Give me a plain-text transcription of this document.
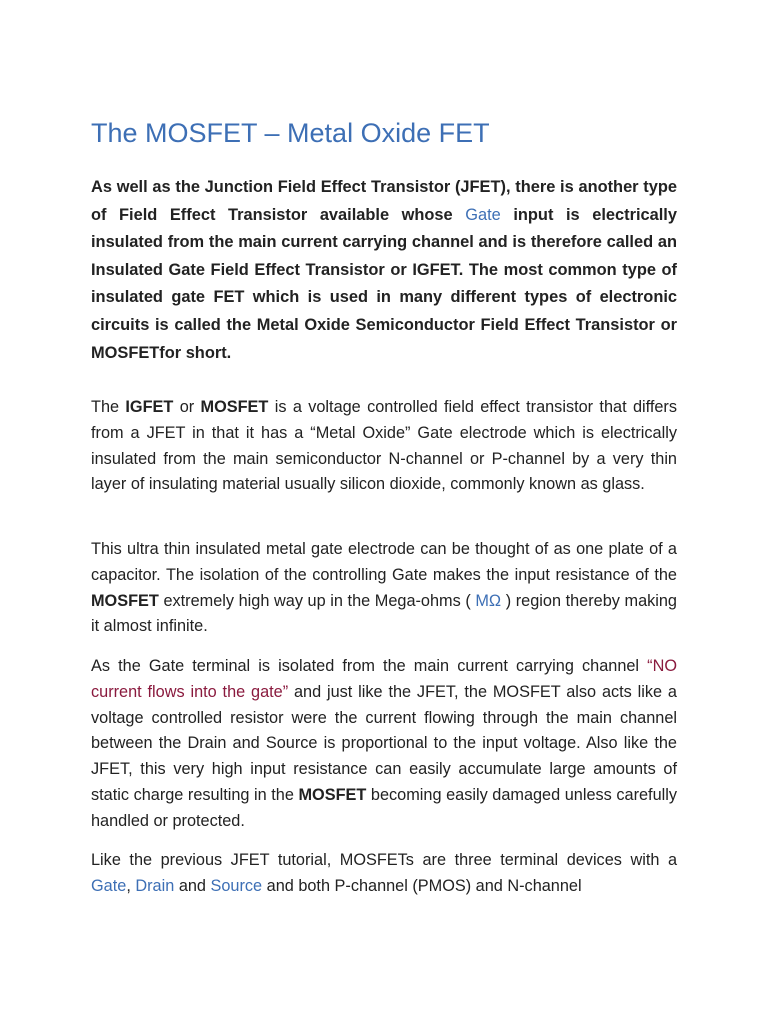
The MOSFET – Metal Oxide FET

As well as the Junction Field Effect Transistor (JFET), there is another type of Field Effect Transistor available whose Gate input is electrically insulated from the main current carrying channel and is therefore called an Insulated Gate Field Effect Transistor or IGFET. The most common type of insulated gate FET which is used in many different types of electronic circuits is called the Metal Oxide Semiconductor Field Effect Transistor or MOSFETfor short.

The IGFET or MOSFET is a voltage controlled field effect transistor that differs from a JFET in that it has a “Metal Oxide” Gate electrode which is electrically insulated from the main semiconductor N-channel or P-channel by a very thin layer of insulating material usually silicon dioxide, commonly known as glass.

This ultra thin insulated metal gate electrode can be thought of as one plate of a capacitor. The isolation of the controlling Gate makes the input resistance of the MOSFET extremely high way up in the Mega-ohms ( MΩ ) region thereby making it almost infinite.

As the Gate terminal is isolated from the main current carrying channel “NO current flows into the gate” and just like the JFET, the MOSFET also acts like a voltage controlled resistor were the current flowing through the main channel between the Drain and Source is proportional to the input voltage. Also like the JFET, this very high input resistance can easily accumulate large amounts of static charge resulting in the MOSFET becoming easily damaged unless carefully handled or protected.

Like the previous JFET tutorial, MOSFETs are three terminal devices with a Gate, Drain and Source and both P-channel (PMOS) and N-channel
